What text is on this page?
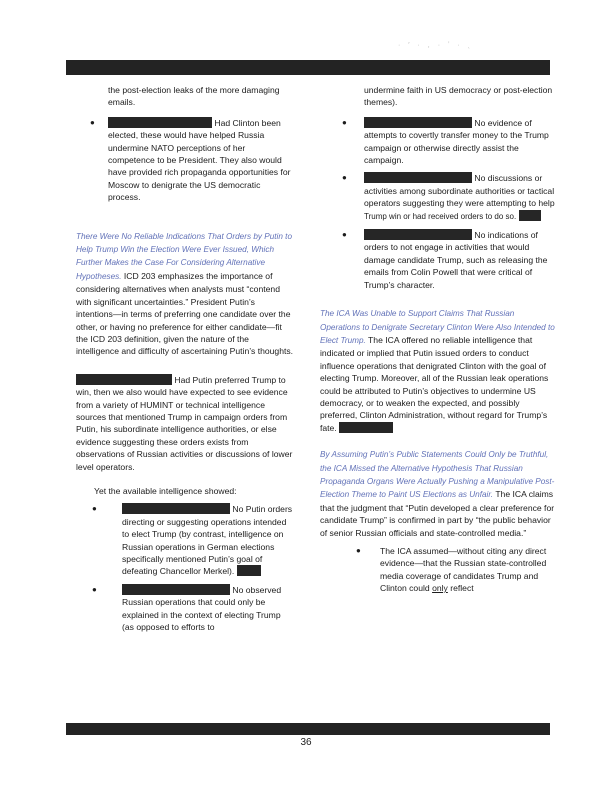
· ′ · , · ʼ · ˎ

the post-election leaks of the more damaging emails.

●	Had Clinton been elected, these would have helped Russia undermine NATO perceptions of her competence to be President. They also would have provided rich propaganda opportunities for Moscow to denigrate the US democratic process.

There Were No Reliable Indications That Orders by Putin to Help Trump Win the Election Were Ever Issued, Which Further Makes the Case For Considering Alternative Hypotheses. ICD 203 emphasizes the importance of considering alternatives when analysts must “contend with significant uncertainties.” President Putin’s intentions—in terms of preferring one candidate over the other, or having no preference for either candidate—fit the ICD 203 definition, given the nature of the intelligence and difficulty of ascertaining Putin’s thoughts.

Had Putin preferred Trump to win, then we also would have expected to see evidence from a variety of HUMINT or technical intelligence sources that mentioned Trump in campaign orders from Putin, his subordinate intelligence authorities, or else evidence suggesting these orders exists from observations of Russian activities or discussions of lower level operators.

Yet the available intelligence showed:

●	No Putin orders directing or suggesting operations intended to elect Trump (by contrast, intelligence on Russian operations in German elections specifically mentioned Putin’s goal of defeating Chancellor Merkel).
●	No observed Russian operations that could only be explained in the context of electing Trump (as opposed to efforts to

undermine faith in US democracy or post-election themes).

●	No evidence of attempts to covertly transfer money to the Trump campaign or otherwise directly assist the campaign.
●	No discussions or activities among subordinate authorities or tactical operators suggesting they were attempting to help Trump win or had received orders to do so.
●	No indications of orders to not engage in activities that would damage candidate Trump, such as releasing the emails from Colin Powell that were critical of Trump’s character.

The ICA Was Unable to Support Claims That Russian Operations to Denigrate Secretary Clinton Were Also Intended to Elect Trump. The ICA offered no reliable intelligence that indicated or implied that Putin issued orders to conduct influence operations that denigrated Clinton with the goal of electing Trump. Moreover, all of the Russian leak operations could be attributed to Putin’s objectives to undermine US democracy, or to weaken the expected, and possibly preferred, Clinton Administration, without regard for Trump’s fate.

By Assuming Putin’s Public Statements Could Only be Truthful, the ICA Missed the Alternative Hypothesis That Russian Propaganda Organs Were Actually Pushing a Manipulative Post-Election Theme to Paint US Elections as Unfair. The ICA claims that the judgment that “Putin developed a clear preference for candidate Trump” is confirmed in part by “the public behavior of senior Russian officials and state-controlled media.”

● The ICA assumed—without citing any direct evidence—that the Russian state-controlled media coverage of candidates Trump and Clinton could only reflect
36
